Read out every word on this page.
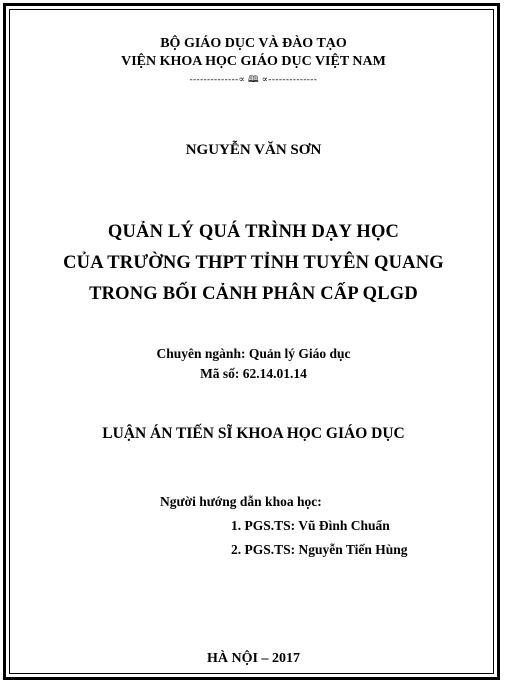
BỘ GIÁO DỤC VÀ ĐÀO TẠO
VIỆN KHOA HỌC GIÁO DỤC VIỆT NAM
--------------∝ 🕮 ∝--------------
NGUYỄN VĂN SƠN
QUẢN LÝ QUÁ TRÌNH DẠY HỌC
CỦA TRƯỜNG THPT TỈNH TUYÊN QUANG
TRONG BỐI CẢNH PHÂN CẤP QLGD
Chuyên ngành: Quản lý Giáo dục
Mã số: 62.14.01.14
LUẬN ÁN TIẾN SĨ KHOA HỌC GIÁO DỤC
Người hướng dẫn khoa học:
1. PGS.TS: Vũ Đình Chuẩn
2. PGS.TS: Nguyễn Tiến Hùng
HÀ NỘI – 2017
